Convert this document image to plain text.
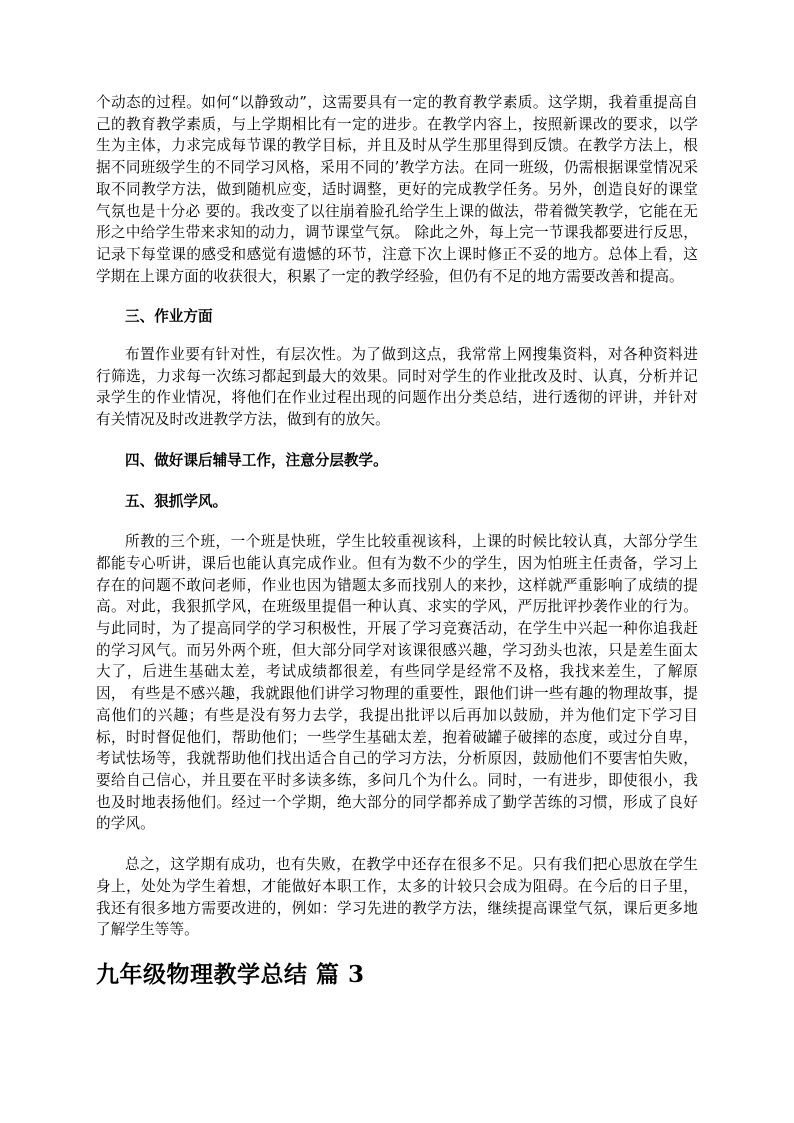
个动态的过程。如何“以静致动”，这需要具有一定的教育教学素质。这学期，我着重提高自己的教育教学素质，与上学期相比有一定的进步。在教学内容上，按照新课改的要求，以学生为主体，力求完成每节课的教学目标，并且及时从学生那里得到反馈。在教学方法上，根据不同班级学生的不同学习风格，采用不同的’教学方法。在同一班级，仍需根据课堂情况采取不同教学方法，做到随机应变，适时调整，更好的完成教学任务。另外，创造良好的课堂气氛也是十分必 要的。我改变了以往崩着脸孔给学生上课的做法，带着微笑教学，它能在无形之中给学生带来求知的动力，调节课堂气氛。 除此之外，每上完一节课我都要进行反思，记录下每堂课的感受和感觉有遗憾的环节，注意下次上课时修正不妥的地方。总体上看，这学期在上课方面的收获很大，积累了一定的教学经验，但仍有不足的地方需要改善和提高。

三、作业方面

布置作业要有针对性，有层次性。为了做到这点，我常常上网搜集资料，对各种资料进行筛选，力求每一次练习都起到最大的效果。同时对学生的作业批改及时、认真，分析并记录学生的作业情况，将他们在作业过程出现的问题作出分类总结，进行透彻的评讲，并针对有关情况及时改进教学方法，做到有的放矢。

四、做好课后辅导工作，注意分层教学。

五、狠抓学风。

所教的三个班，一个班是快班，学生比较重视该科，上课的时候比较认真，大部分学生都能专心听讲，课后也能认真完成作业。但有为数不少的学生，因为怕班主任责备，学习上存在的问题不敢问老师，作业也因为错题太多而找别人的来抄，这样就严重影响了成绩的提高。对此，我狠抓学风，在班级里提倡一种认真、求实的学风，严厉批评抄袭作业的行为。与此同时，为了提高同学的学习积极性，开展了学习竞赛活动，在学生中兴起一种你追我赶的学习风气。而另外两个班，但大部分同学对该课很感兴趣，学习劲头也浓，只是差生面太大了，后进生基础太差，考试成绩都很差，有些同学是经常不及格，我找来差生，了解原因， 有些是不感兴趣，我就跟他们讲学习物理的重要性，跟他们讲一些有趣的物理故事，提高他们的兴趣；有些是没有努力去学，我提出批评以后再加以鼓励，并为他们定下学习目标，时时督促他们，帮助他们；一些学生基础太差，抱着破罐子破摔的态度，或过分自卑，考试怯场等，我就帮助他们找出适合自己的学习方法，分析原因，鼓励他们不要害怕失败，要给自己信心，并且要在平时多读多练，多问几个为什么。同时，一有进步，即使很小，我也及时地表扬他们。经过一个学期，绝大部分的同学都养成了勤学苦练的习惯，形成了良好的学风。

总之，这学期有成功，也有失败，在教学中还存在很多不足。只有我们把心思放在学生身上，处处为学生着想，才能做好本职工作，太多的计较只会成为阻碍。在今后的日子里，我还有很多地方需要改进的，例如：学习先进的教学方法，继续提高课堂气氛，课后更多地了解学生等等。

九年级物理教学总结 篇 3
